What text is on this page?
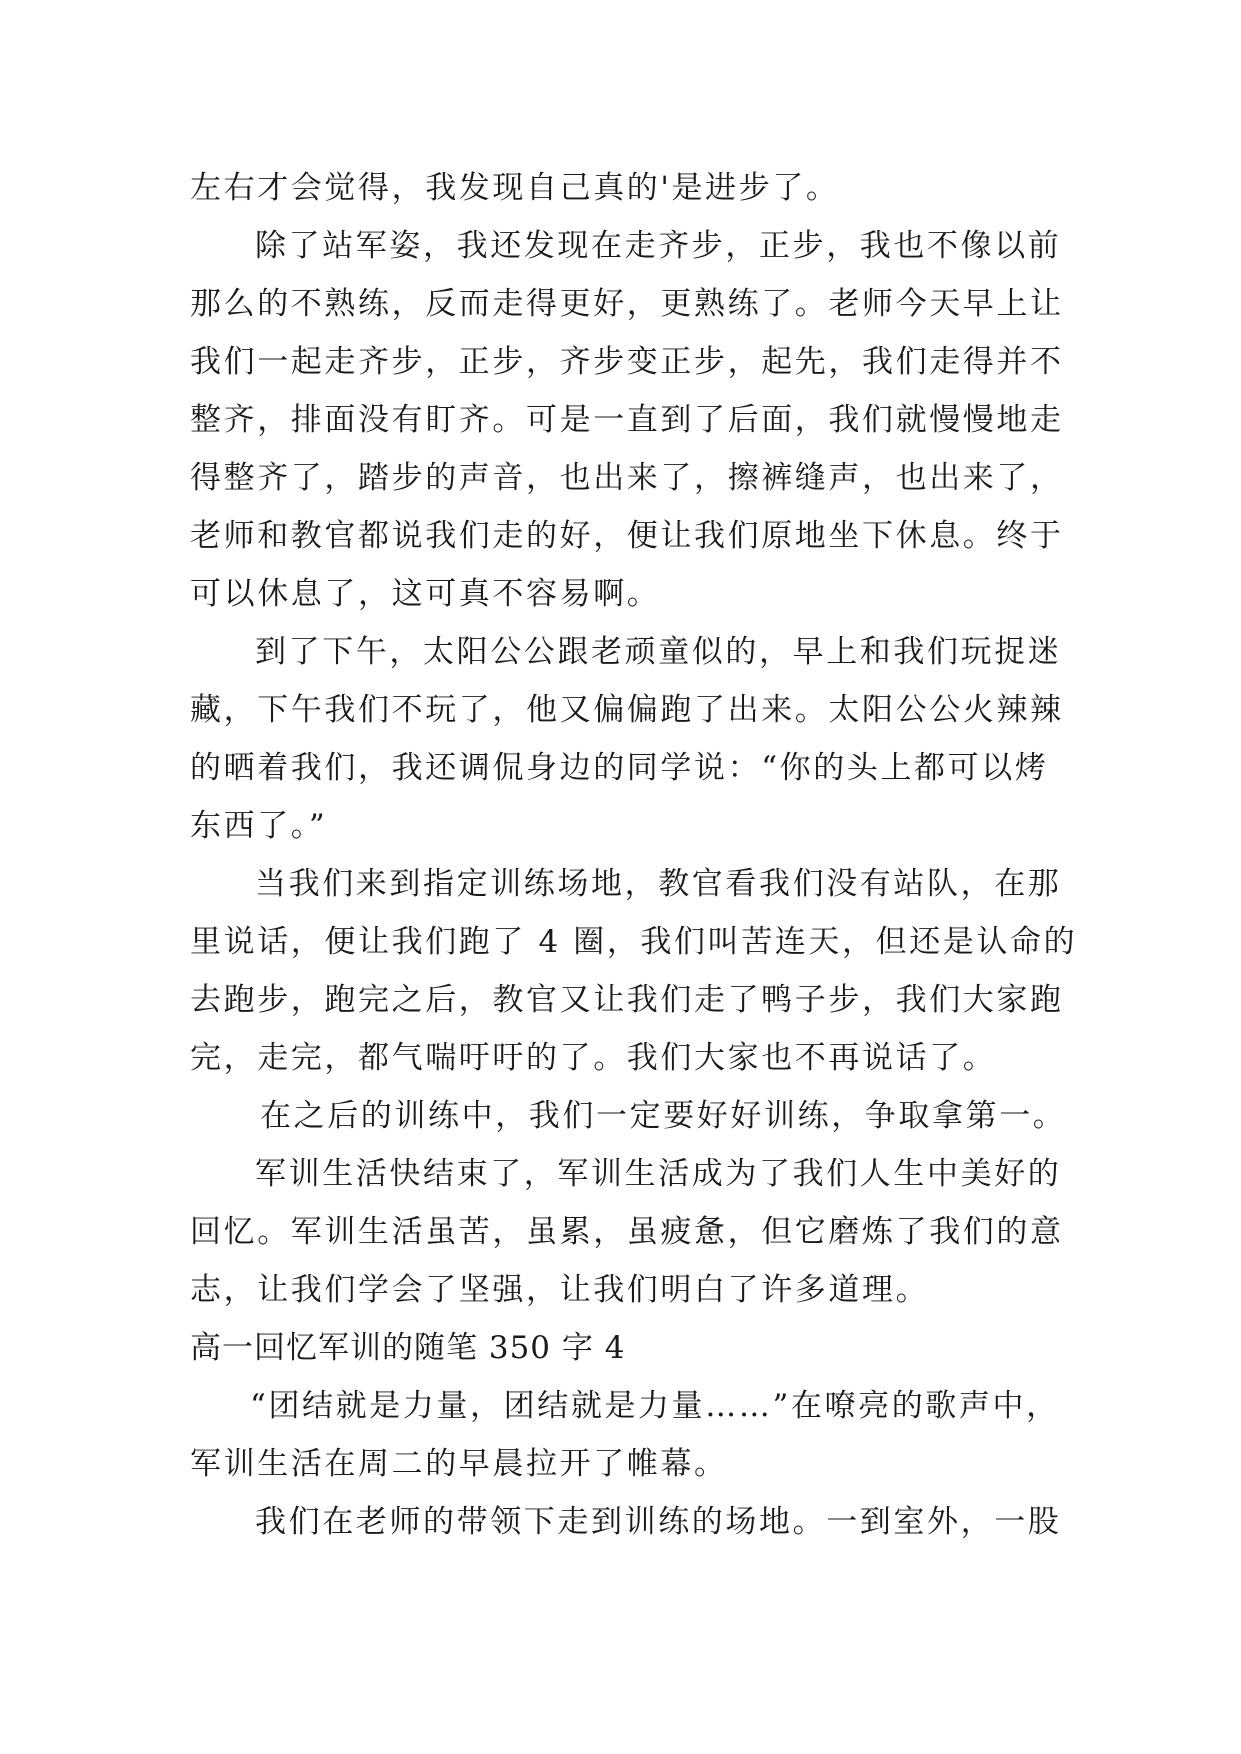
左右才会觉得，我发现自己真的'是进步了。
除了站军姿，我还发现在走齐步，正步，我也不像以前
那么的不熟练，反而走得更好，更熟练了。老师今天早上让
我们一起走齐步，正步，齐步变正步，起先，我们走得并不
整齐，排面没有盯齐。可是一直到了后面，我们就慢慢地走
得整齐了，踏步的声音，也出来了，擦裤缝声，也出来了，
老师和教官都说我们走的好，便让我们原地坐下休息。终于
可以休息了，这可真不容易啊。
到了下午，太阳公公跟老顽童似的，早上和我们玩捉迷
藏，下午我们不玩了，他又偏偏跑了出来。太阳公公火辣辣
的晒着我们，我还调侃身边的同学说：“你的头上都可以烤
东西了。”
当我们来到指定训练场地，教官看我们没有站队，在那
里说话，便让我们跑了 4 圈，我们叫苦连天，但还是认命的
去跑步，跑完之后，教官又让我们走了鸭子步，我们大家跑
完，走完，都气喘吁吁的了。我们大家也不再说话了。
在之后的训练中，我们一定要好好训练，争取拿第一。
军训生活快结束了，军训生活成为了我们人生中美好的
回忆。军训生活虽苦，虽累，虽疲惫，但它磨炼了我们的意
志，让我们学会了坚强，让我们明白了许多道理。
高一回忆军训的随笔 350 字 4
“团结就是力量，团结就是力量……”在嘹亮的歌声中，
军训生活在周二的早晨拉开了帷幕。
我们在老师的带领下走到训练的场地。一到室外，一股
